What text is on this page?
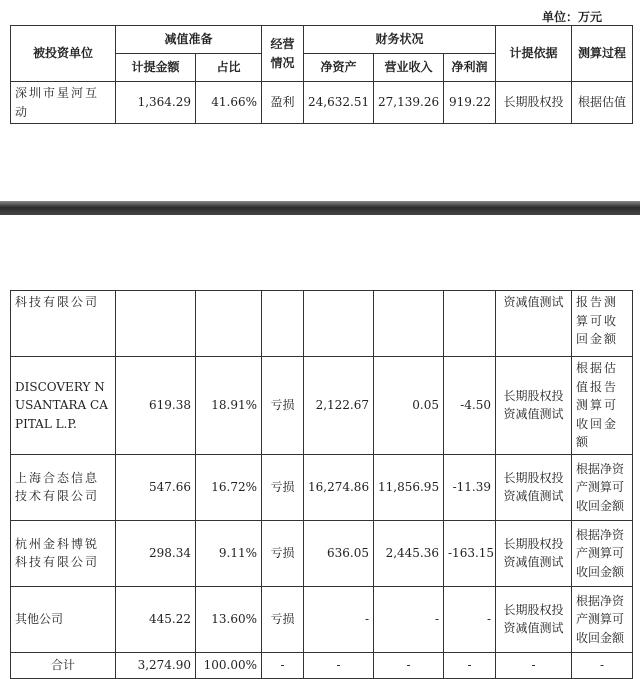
单位：万元
被投资单位	减值准备		经营情况	财务状况			计提依据	测算过程
	计提金额	占比		净资产	营业收入	净利润		
深圳市星河互动	1,364.29	41.66%	盈利	24,632.51	27,139.26	919.22	长期股权投	根据估值
科技有限公司							资减值测试	报告测算可收回金额
DISCOVERY NUSANTARA CAPITAL L.P.	619.38	18.91%	亏损	2,122.67	0.05	-4.50	长期股权投资减值测试	根据估值报告测算可收回金额
上海合态信息技术有限公司	547.66	16.72%	亏损	16,274.86	11,856.95	-11.39	长期股权投资减值测试	根据净资产测算可收回金额
杭州金科博锐科技有限公司	298.34	9.11%	亏损	636.05	2,445.36	-163.15	长期股权投资减值测试	根据净资产测算可收回金额
其他公司	445.22	13.60%	亏损	-	-	-	长期股权投资减值测试	根据净资产测算可收回金额
合计	3,274.90	100.00%	-	-	-	-	-	-
